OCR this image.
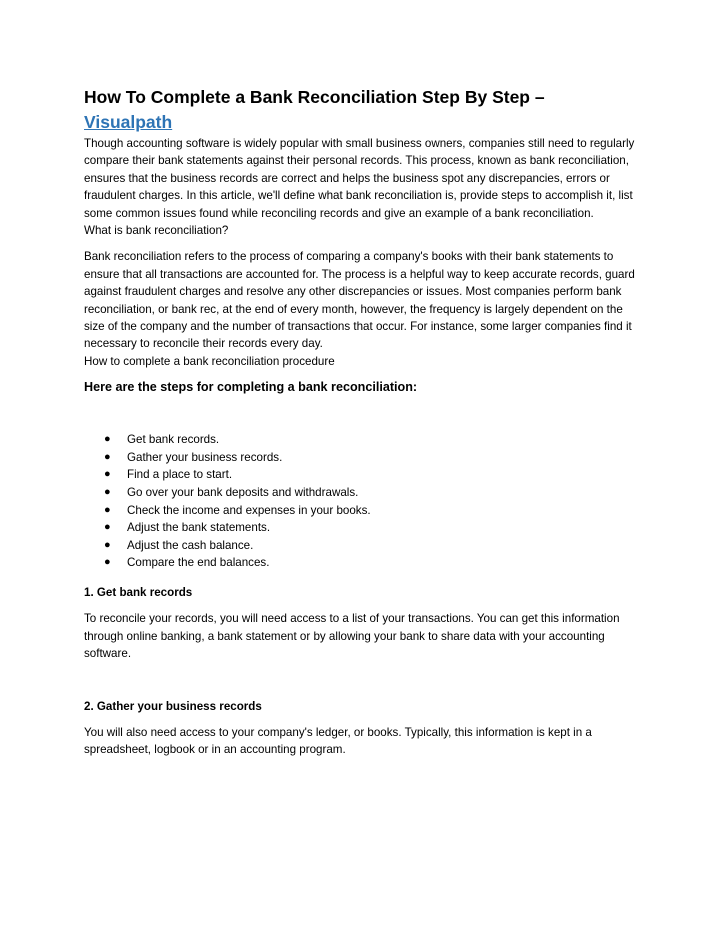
How To Complete a Bank Reconciliation Step By Step –
Visualpath

Though accounting software is widely popular with small business owners, companies still need to regularly compare their bank statements against their personal records. This process, known as bank reconciliation, ensures that the business records are correct and helps the business spot any discrepancies, errors or fraudulent charges. In this article, we'll define what bank reconciliation is, provide steps to accomplish it, list some common issues found while reconciling records and give an example of a bank reconciliation.

What is bank reconciliation?

Bank reconciliation refers to the process of comparing a company's books with their bank statements to ensure that all transactions are accounted for. The process is a helpful way to keep accurate records, guard against fraudulent charges and resolve any other discrepancies or issues. Most companies perform bank reconciliation, or bank rec, at the end of every month, however, the frequency is largely dependent on the size of the company and the number of transactions that occur. For instance, some larger companies find it necessary to reconcile their records every day.

How to complete a bank reconciliation procedure

Here are the steps for completing a bank reconciliation:

● Get bank records.
● Gather your business records.
● Find a place to start.
● Go over your bank deposits and withdrawals.
● Check the income and expenses in your books.
● Adjust the bank statements.
● Adjust the cash balance.
● Compare the end balances.

1. Get bank records

To reconcile your records, you will need access to a list of your transactions. You can get this information through online banking, a bank statement or by allowing your bank to share data with your accounting software.

2. Gather your business records

You will also need access to your company's ledger, or books. Typically, this information is kept in a spreadsheet, logbook or in an accounting program.
